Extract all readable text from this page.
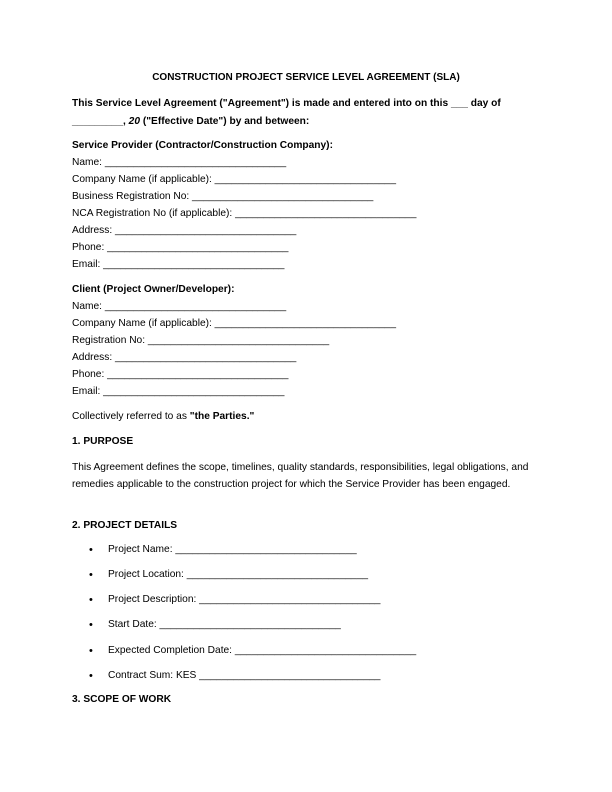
CONSTRUCTION PROJECT SERVICE LEVEL AGREEMENT (SLA)
This Service Level Agreement ("Agreement") is made and entered into on this ___ day of
_________, 20 ("Effective Date") by and between:
Service Provider (Contractor/Construction Company):
Name: ________________________________
Company Name (if applicable): ________________________________
Business Registration No: ________________________________
NCA Registration No (if applicable): ________________________________
Address: ________________________________
Phone: ________________________________
Email: ________________________________
Client (Project Owner/Developer):
Name: ________________________________
Company Name (if applicable): ________________________________
Registration No: ________________________________
Address: ________________________________
Phone: ________________________________
Email: ________________________________
Collectively referred to as "the Parties."
1. PURPOSE
This Agreement defines the scope, timelines, quality standards, responsibilities, legal obligations, and remedies applicable to the construction project for which the Service Provider has been engaged.
2. PROJECT DETAILS
• Project Name: ________________________________
• Project Location: ________________________________
• Project Description: ________________________________
• Start Date: ________________________________
• Expected Completion Date: ________________________________
• Contract Sum: KES ________________________________
3. SCOPE OF WORK
